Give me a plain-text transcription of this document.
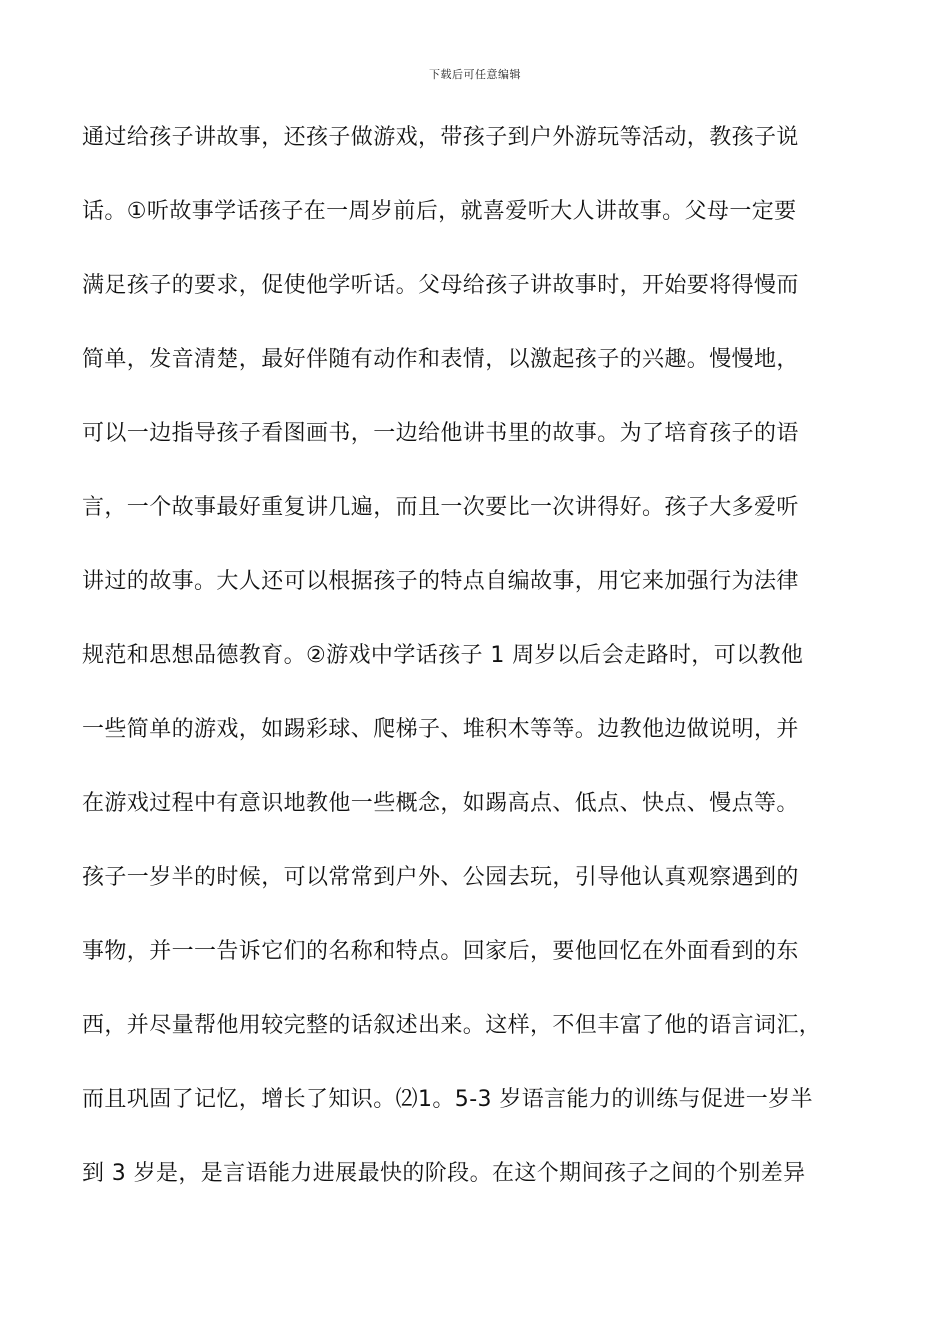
下载后可任意编辑
通过给孩子讲故事，还孩子做游戏，带孩子到户外游玩等活动，教孩子说
话。①听故事学话孩子在一周岁前后，就喜爱听大人讲故事。父母一定要
满足孩子的要求，促使他学听话。父母给孩子讲故事时，开始要将得慢而
简单，发音清楚，最好伴随有动作和表情，以激起孩子的兴趣。慢慢地，
可以一边指导孩子看图画书，一边给他讲书里的故事。为了培育孩子的语
言，一个故事最好重复讲几遍，而且一次要比一次讲得好。孩子大多爱听
讲过的故事。大人还可以根据孩子的特点自编故事，用它来加强行为法律
规范和思想品德教育。②游戏中学话孩子 1 周岁以后会走路时，可以教他
一些简单的游戏，如踢彩球、爬梯子、堆积木等等。边教他边做说明，并
在游戏过程中有意识地教他一些概念，如踢高点、低点、快点、慢点等。
孩子一岁半的时候，可以常常到户外、公园去玩，引导他认真观察遇到的
事物，并一一告诉它们的名称和特点。回家后，要他回忆在外面看到的东
西，并尽量帮他用较完整的话叙述出来。这样，不但丰富了他的语言词汇，
而且巩固了记忆，增长了知识。⑵1。5-3 岁语言能力的训练与促进一岁半
到 3 岁是，是言语能力进展最快的阶段。在这个期间孩子之间的个别差异
